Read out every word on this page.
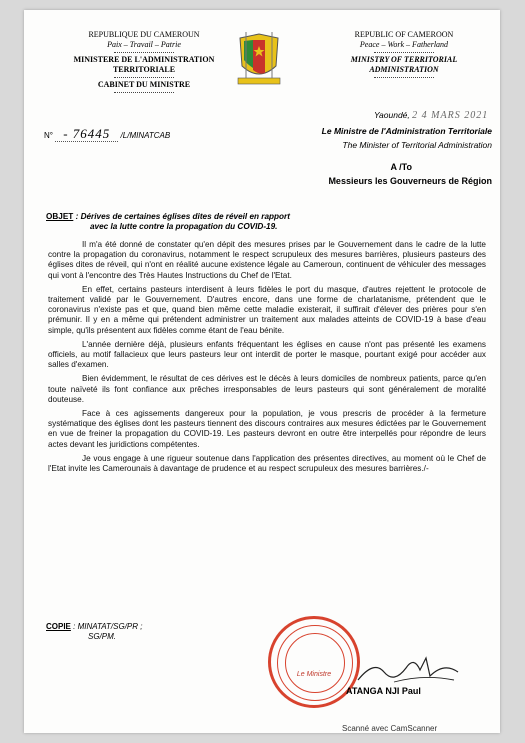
REPUBLIQUE DU CAMEROUN
Paix – Travail – Patrie
MINISTERE DE L'ADMINISTRATION
TERRITORIALE
CABINET DU MINISTRE
REPUBLIC OF CAMEROON
Peace – Work – Fatherland
MINISTRY OF TERRITORIAL
ADMINISTRATION
N° - 76445 /L/MINATCAB
Yaoundé, 2 4 MARS 2021
Le Ministre de l'Administration Territoriale
The Minister of Territorial Administration
A /To
Messieurs les Gouverneurs de Région
OBJET : Dérives de certaines églises dites de réveil en rapport
avec la lutte contre la propagation du COVID-19.

Il m'a été donné de constater qu'en dépit des mesures prises par le Gouvernement dans le cadre de la lutte contre la propagation du coronavirus, notamment le respect scrupuleux des mesures barrières, plusieurs pasteurs des églises dites de réveil, qui n'ont en réalité aucune existence légale au Cameroun, continuent de véhiculer des messages qui vont à l'encontre des Très Hautes Instructions du Chef de l'Etat.

En effet, certains pasteurs interdisent à leurs fidèles le port du masque, d'autres rejettent le protocole de traitement validé par le Gouvernement. D'autres encore, dans une forme de charlatanisme, prétendent que le coronavirus n'existe pas et que, quand bien même cette maladie existerait, il suffirait d'élever des prières pour s'en prémunir. Il y en a même qui prétendent administrer un traitement aux malades atteints de COVID-19 à base d'eau simple, qu'ils présentent aux fidèles comme étant de l'eau bénite.

L'année dernière déjà, plusieurs enfants fréquentant les églises en cause n'ont pas présenté les examens officiels, au motif fallacieux que leurs pasteurs leur ont interdit de porter le masque, pourtant exigé pour accéder aux salles d'examen.

Bien évidemment, le résultat de ces dérives est le décès à leurs domiciles de nombreux patients, parce qu'en toute naïveté ils font confiance aux prêches irresponsables de leurs pasteurs qui sont généralement de moralité douteuse.

Face à ces agissements dangereux pour la population, je vous prescris de procéder à la fermeture systématique des églises dont les pasteurs tiennent des discours contraires aux mesures édictées par le Gouvernement en vue de freiner la propagation du COVID-19. Les pasteurs devront en outre être interpellés pour répondre de leurs actes devant les juridictions compétentes.

Je vous engage à une rigueur soutenue dans l'application des présentes directives, au moment où le Chef de l'Etat invite les Camerounais à davantage de prudence et au respect scrupuleux des mesures barrières./-

COPIE : MINATAT/SG/PR ;
SG/PM.
Le Ministre
ATANGA NJI Paul
Scanné avec CamScanner
